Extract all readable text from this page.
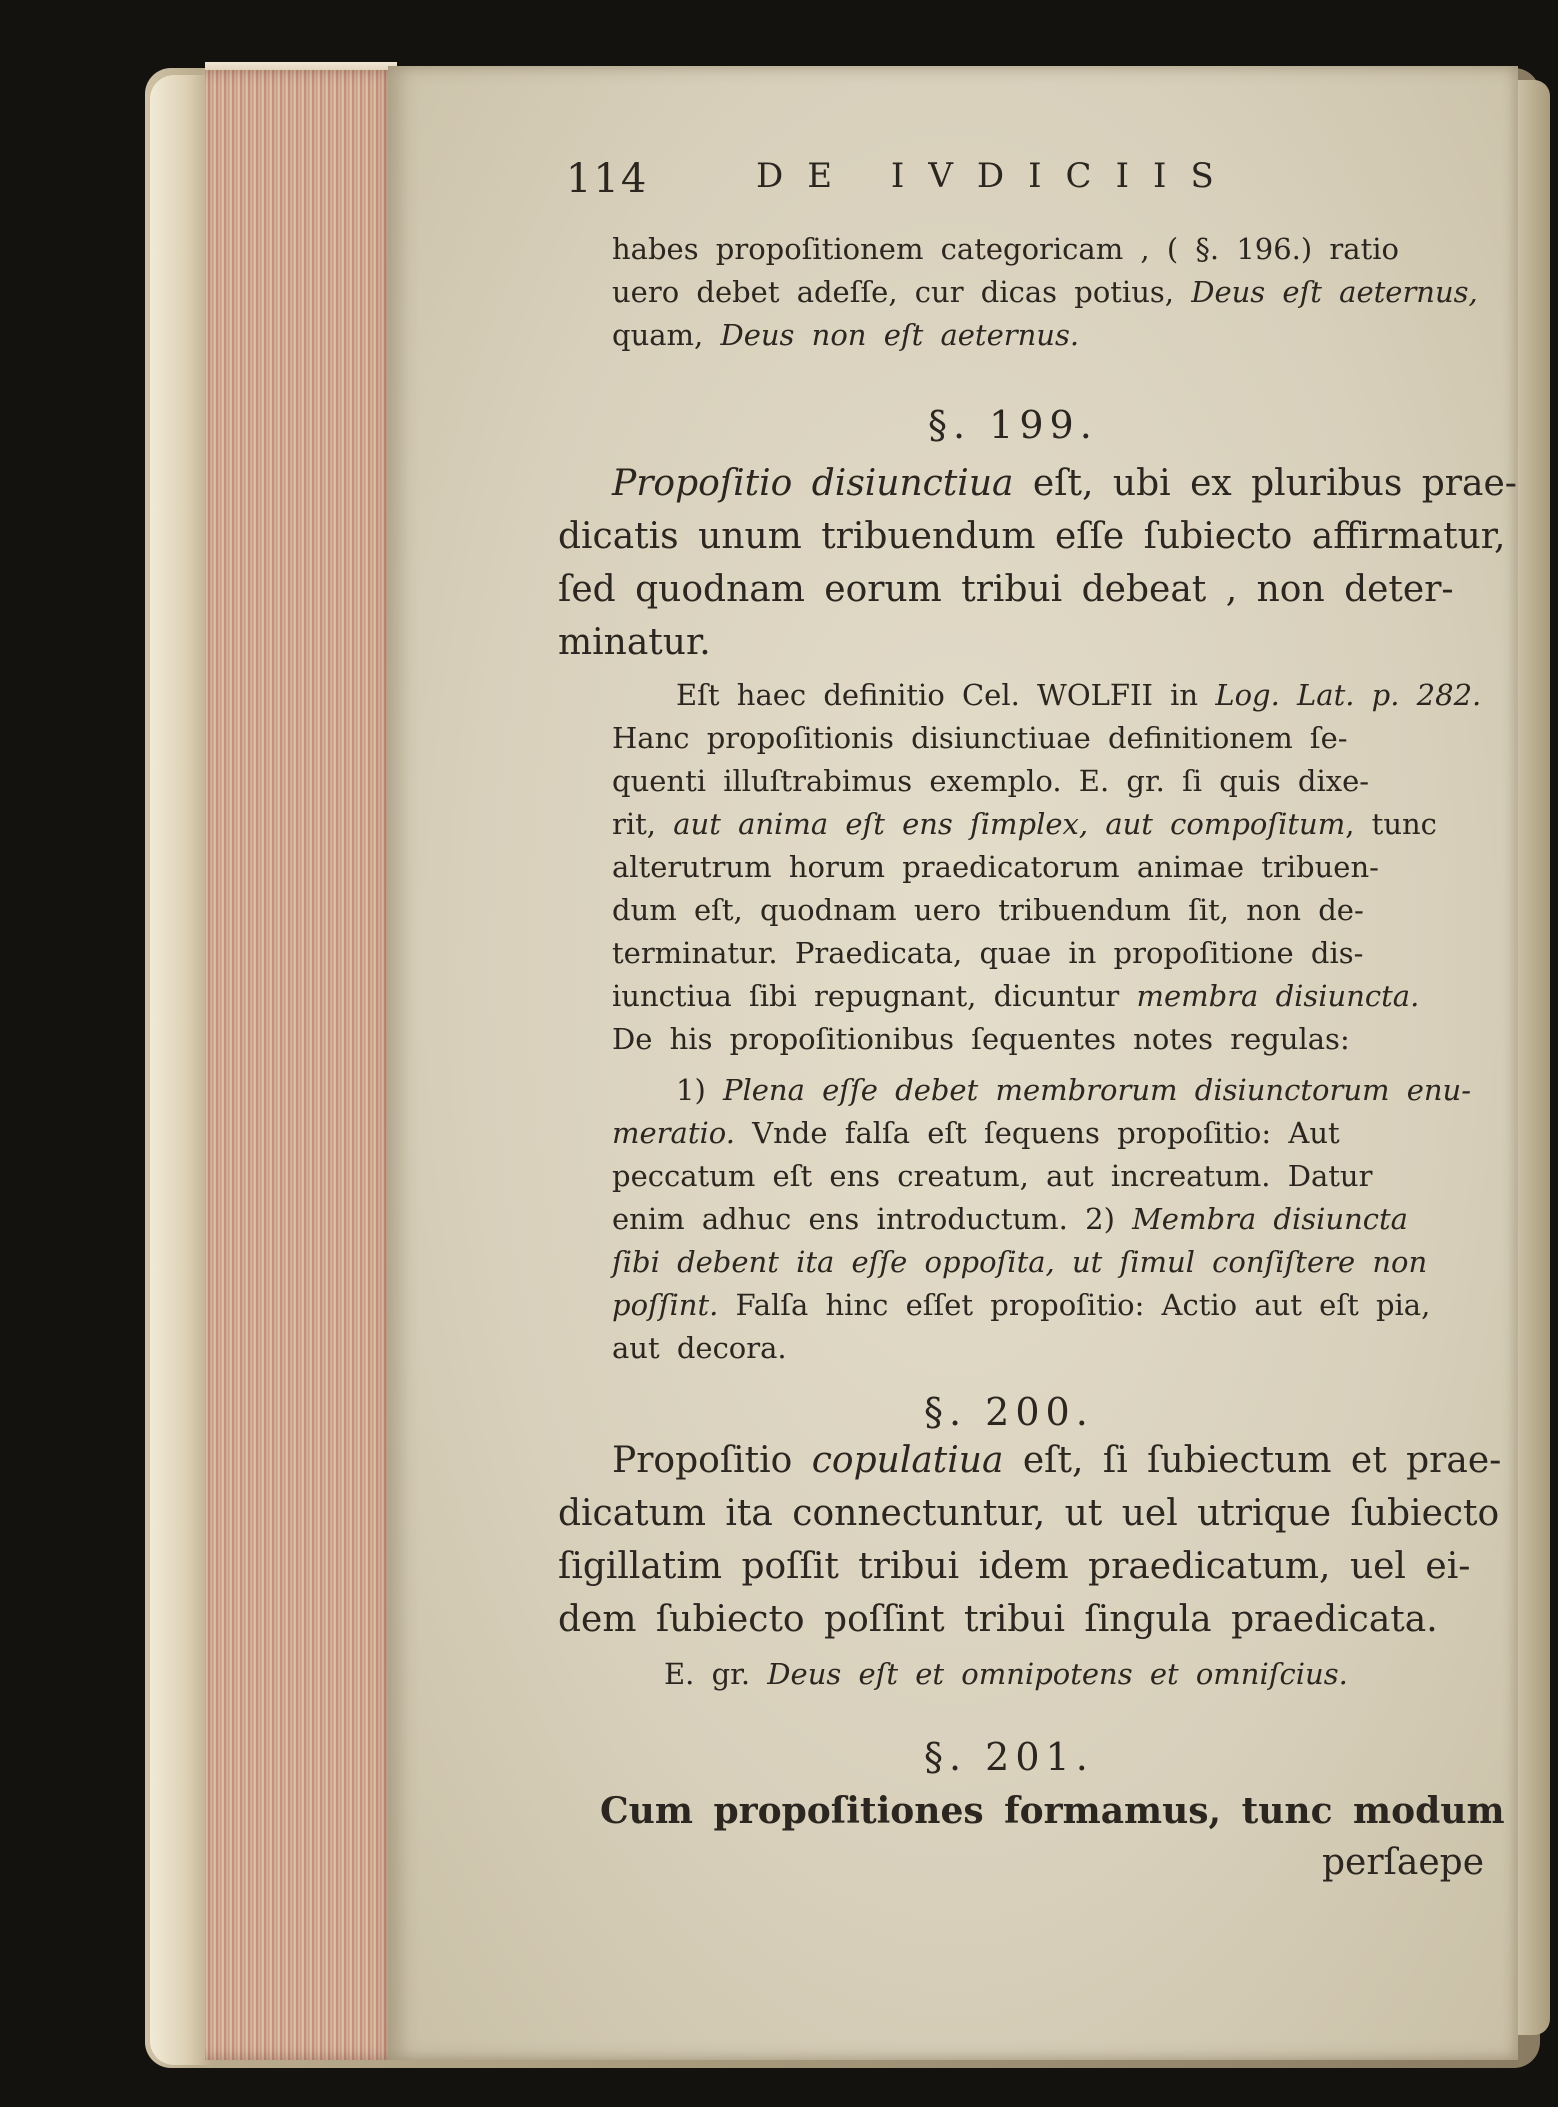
114	DE IVDICIIS
habes propoſitionem categoricam , ( §. 196.) ratio
uero debet adeſſe, cur dicas potius, Deus eſt aeternus,
quam, Deus non eſt aeternus.
§. 199.
Propoſitio disiunctiua eſt, ubi ex pluribus prae-
dicatis unum tribuendum eſſe ſubiecto affirmatur,
ſed quodnam eorum tribui debeat , non deter-
minatur.
Eſt haec definitio Cel. WOLFII in Log. Lat. p. 282.
Hanc propoſitionis disiunctiuae definitionem ſe-
quenti illuſtrabimus exemplo. E. gr. ſi quis dixe-
rit, aut anima eſt ens ſimplex, aut compoſitum, tunc
alterutrum horum praedicatorum animae tribuen-
dum eſt, quodnam uero tribuendum ſit, non de-
terminatur. Praedicata, quae in propoſitione dis-
iunctiua ſibi repugnant, dicuntur membra disiuncta.
De his propoſitionibus ſequentes notes regulas:
1) Plena eſſe debet membrorum disiunctorum enu-
meratio. Vnde falſa eſt ſequens propoſitio: Aut
peccatum eſt ens creatum, aut increatum. Datur
enim adhuc ens introductum. 2) Membra disiuncta
ſibi debent ita eſſe oppoſita, ut ſimul conſiſtere non
poſſint. Falſa hinc eſſet propoſitio: Actio aut eſt pia,
aut decora.
§. 200.
Propoſitio copulatiua eſt, ſi ſubiectum et prae-
dicatum ita connectuntur, ut uel utrique ſubiecto
ſigillatim poſſit tribui idem praedicatum, uel ei-
dem ſubiecto poſſint tribui ſingula praedicata.
E. gr. Deus eſt et omnipotens et omniſcius.
§. 201.
Cum propoſitiones formamus, tunc modum
perſaepe
